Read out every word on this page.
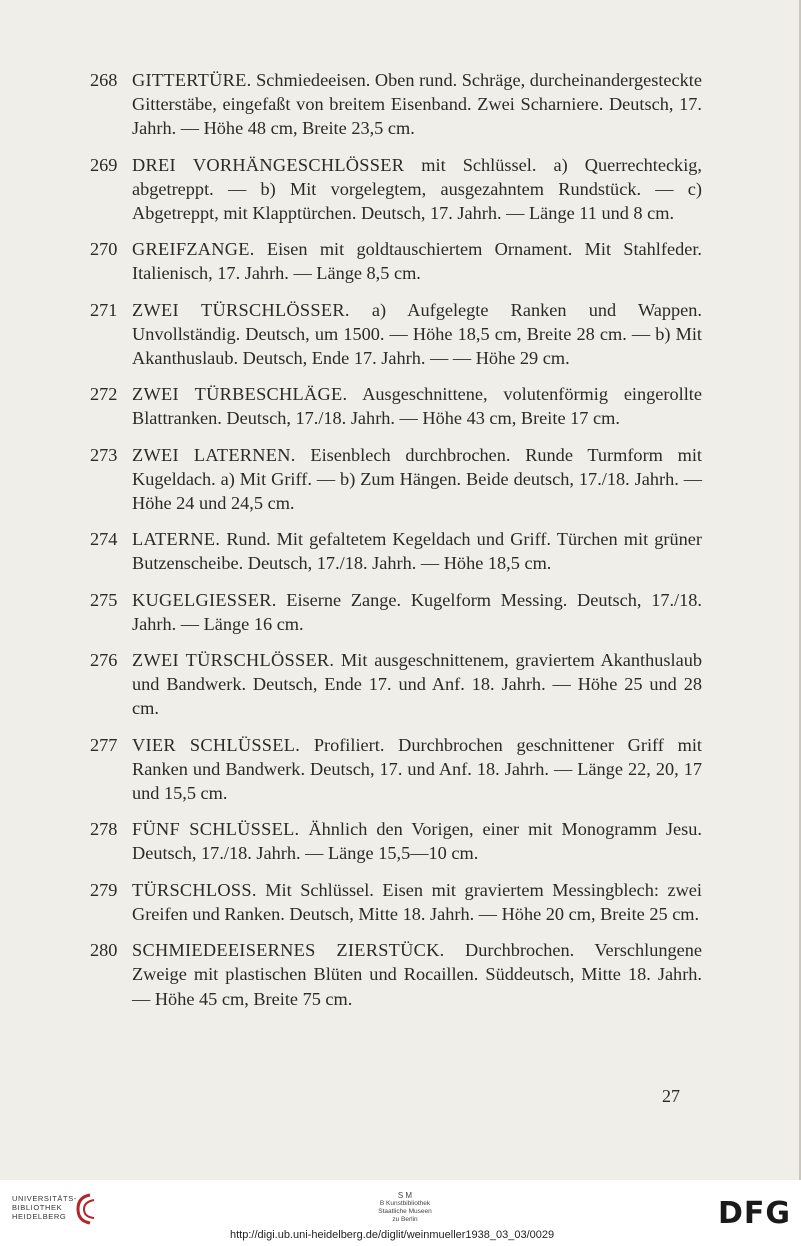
268 GITTERTÜRE. Schmiedeeisen. Oben rund. Schräge, durcheinandergesteckte Gitterstäbe, eingefaßt von breitem Eisenband. Zwei Scharniere. Deutsch, 17. Jahrh. — Höhe 48 cm, Breite 23,5 cm.
269 DREI VORHÄNGESCHLÖSSER mit Schlüssel. a) Querrechteckig, abgetreppt. — b) Mit vorgelegtem, ausgezahntem Rundstück. — c) Abgetreppt, mit Klapptürchen. Deutsch, 17. Jahrh. — Länge 11 und 8 cm.
270 GREIFZANGE. Eisen mit goldtauschiertem Ornament. Mit Stahlfeder. Italienisch, 17. Jahrh. — Länge 8,5 cm.
271 ZWEI TÜRSCHLÖSSER. a) Aufgelegte Ranken und Wappen. Unvollständig. Deutsch, um 1500. — Höhe 18,5 cm, Breite 28 cm. — b) Mit Akanthuslaub. Deutsch, Ende 17. Jahrh. — — Höhe 29 cm.
272 ZWEI TÜRBESCHLÄGE. Ausgeschnittene, volutenförmig eingerollte Blattranken. Deutsch, 17./18. Jahrh. — Höhe 43 cm, Breite 17 cm.
273 ZWEI LATERNEN. Eisenblech durchbrochen. Runde Turmform mit Kugeldach. a) Mit Griff. — b) Zum Hängen. Beide deutsch, 17./18. Jahrh. — Höhe 24 und 24,5 cm.
274 LATERNE. Rund. Mit gefaltetem Kegeldach und Griff. Türchen mit grüner Butzenscheibe. Deutsch, 17./18. Jahrh. — Höhe 18,5 cm.
275 KUGELGIESSER. Eiserne Zange. Kugelform Messing. Deutsch, 17./18. Jahrh. — Länge 16 cm.
276 ZWEI TÜRSCHLÖSSER. Mit ausgeschnittenem, graviertem Akanthuslaub und Bandwerk. Deutsch, Ende 17. und Anf. 18. Jahrh. — Höhe 25 und 28 cm.
277 VIER SCHLÜSSEL. Profiliert. Durchbrochen geschnittener Griff mit Ranken und Bandwerk. Deutsch, 17. und Anf. 18. Jahrh. — Länge 22, 20, 17 und 15,5 cm.
278 FÜNF SCHLÜSSEL. Ähnlich den Vorigen, einer mit Monogramm Jesu. Deutsch, 17./18. Jahrh. — Länge 15,5—10 cm.
279 TÜRSCHLOSS. Mit Schlüssel. Eisen mit graviertem Messingblech: zwei Greifen und Ranken. Deutsch, Mitte 18. Jahrh. — Höhe 20 cm, Breite 25 cm.
280 SCHMIEDEEISERNES ZIERSTÜCK. Durchbrochen. Verschlungene Zweige mit plastischen Blüten und Rocaillen. Süddeutsch, Mitte 18. Jahrh. — Höhe 45 cm, Breite 75 cm.
27
UNIVERSITÄTS-
BIBLIOTHEK
HEIDELBERG
S M
B Kunstbibliothek
Staatliche Museen
zu Berlin	DFG
http://digi.ub.uni-heidelberg.de/diglit/weinmueller1938_03_03/0029
